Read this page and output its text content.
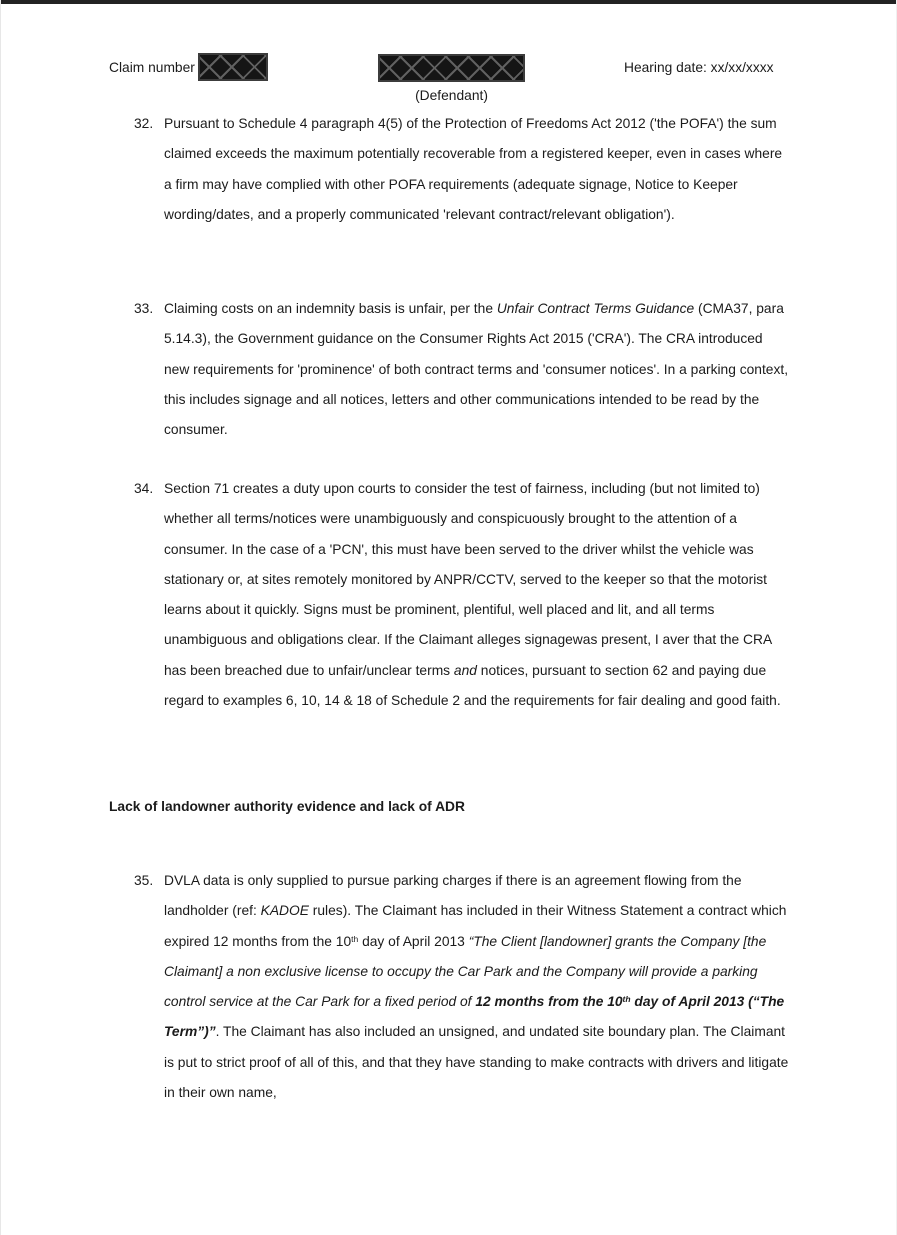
Claim number
(Defendant)
Hearing date: xx/xx/xxxx
32. Pursuant to Schedule 4 paragraph 4(5) of the Protection of Freedoms Act 2012 ('the POFA') the sum claimed exceeds the maximum potentially recoverable from a registered keeper, even in cases where a firm may have complied with other POFA requirements (adequate signage, Notice to Keeper wording/dates, and a properly communicated 'relevant contract/relevant obligation').
33. Claiming costs on an indemnity basis is unfair, per the Unfair Contract Terms Guidance (CMA37, para 5.14.3), the Government guidance on the Consumer Rights Act 2015 ('CRA'). The CRA introduced new requirements for 'prominence' of both contract terms and 'consumer notices'. In a parking context, this includes signage and all notices, letters and other communications intended to be read by the consumer.
34. Section 71 creates a duty upon courts to consider the test of fairness, including (but not limited to) whether all terms/notices were unambiguously and conspicuously brought to the attention of a consumer. In the case of a 'PCN', this must have been served to the driver whilst the vehicle was stationary or, at sites remotely monitored by ANPR/CCTV, served to the keeper so that the motorist learns about it quickly. Signs must be prominent, plentiful, well placed and lit, and all terms unambiguous and obligations clear. If the Claimant alleges signagewas present, I aver that the CRA has been breached due to unfair/unclear terms and notices, pursuant to section 62 and paying due regard to examples 6, 10, 14 & 18 of Schedule 2 and the requirements for fair dealing and good faith.
Lack of landowner authority evidence and lack of ADR
35. DVLA data is only supplied to pursue parking charges if there is an agreement flowing from the landholder (ref: KADOE rules). The Claimant has included in their Witness Statement a contract which expired 12 months from the 10th day of April 2013 “The Client [landowner] grants the Company [the Claimant] a non exclusive license to occupy the Car Park and the Company will provide a parking control service at the Car Park for a fixed period of 12 months from the 10th day of April 2013 (“The Term”)”. The Claimant has also included an unsigned, and undated site boundary plan. The Claimant is put to strict proof of all of this, and that they have standing to make contracts with drivers and litigate in their own name,
